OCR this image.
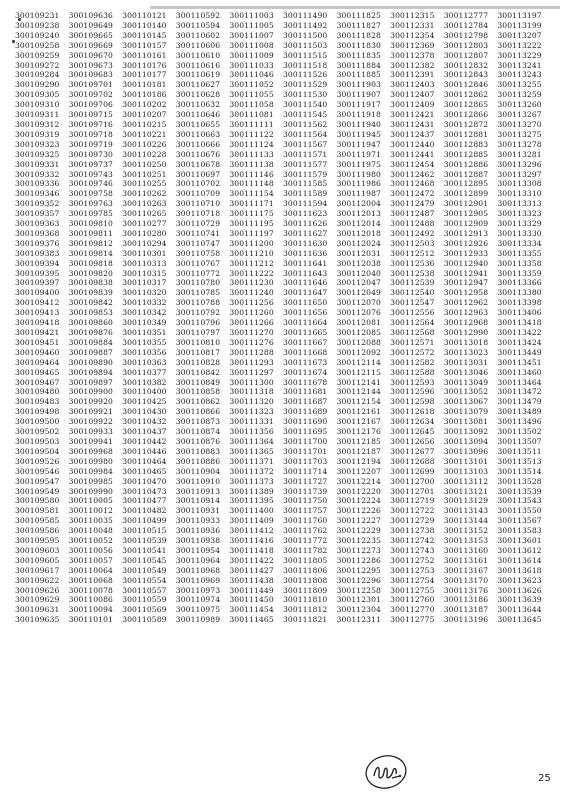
300109231	300109636	300110121	300110592	300111003	300111490	300111825	300112315	300112777	300113197
300109238	300109649	300110140	300110594	300111005	300111492	300111827	300112331	300112784	300113199
300109240	300109665	300110145	300110602	300111007	300111500	300111828	300112354	300112798	300113207
300109258	300109669	300110157	300110606	300111008	300111503	300111830	300112369	300112803	300113222
300109259	300109670	300110161	300110610	300111009	300111515	300111835	300112378	300112807	300113229
300109272	300109673	300110176	300110616	300111033	300111518	300111884	300112382	300112832	300113241
300109284	300109683	300110177	300110619	300111046	300111526	300111885	300112391	300112843	300113243
300109290	300109701	300110181	300110627	300111052	300111529	300111903	300112403	300112846	300113255
300109305	300109702	300110186	300110628	300111055	300111530	300111907	300112407	300112862	300113259
300109310	300109706	300110202	300110632	300111058	300111540	300111917	300112409	300112865	300113260
300109311	300109715	300110207	300110646	300111081	300111545	300111918	300112421	300112866	300113267
300109312	300109716	300110215	300110655	300111111	300111562	300111940	300112431	300112872	300113270
300109319	300109718	300110221	300110663	300111122	300111564	300111945	300112437	300112881	300113275
300109323	300109719	300110226	300110666	300111124	300111567	300111947	300112440	300112883	300113278
300109325	300109730	300110228	300110676	300111133	300111571	300111971	300112441	300112885	300113281
300109331	300109737	300110250	300110678	300111138	300111577	300111975	300112454	300112886	300113296
300109332	300109743	300110251	300110697	300111146	300111579	300111980	300112462	300112887	300113297
300109336	300109746	300110255	300110702	300111148	300111585	300111986	300112468	300112895	300113308
300109346	300109758	300110262	300110709	300111154	300111589	300111987	300112472	300112899	300113310
300109352	300109763	300110263	300110710	300111171	300111594	300112004	300112479	300112901	300113313
300109357	300109785	300110265	300110718	300111175	300111623	300112013	300112487	300112905	300113323
300109363	300109810	300110277	300110729	300111195	300111626	300112014	300112488	300112909	300113329
300109368	300109811	300110280	300110741	300111197	300111627	300112018	300112492	300112913	300113330
300109376	300109812	300110294	300110747	300111200	300111630	300112024	300112503	300112926	300113334
300109383	300109814	300110301	300110758	300111210	300111636	300112031	300112512	300112933	300113355
300109394	300109818	300110313	300110767	300111212	300111641	300112038	300112536	300112940	300113358
300109395	300109820	300110315	300110772	300111222	300111643	300112040	300112538	300112941	300113359
300109397	300109838	300110317	300110780	300111230	300111646	300112047	300112539	300112947	300113366
300109400	300109839	300110320	300110785	300111240	300111647	300112049	300112540	300112958	300113380
300109412	300109842	300110332	300110788	300111256	300111650	300112070	300112547	300112962	300113398
300109413	300109853	300110342	300110792	300111260	300111656	300112076	300112556	300112963	300113406
300109418	300109860	300110349	300110796	300111266	300111664	300112081	300112564	300112968	300113418
300109421	300109876	300110351	300110797	300111270	300111665	300112085	300112568	300112990	300113422
300109451	300109884	300110355	300110810	300111276	300111667	300112088	300112571	300113018	300113424
300109460	300109887	300110356	300110817	300111288	300111668	300112092	300112572	300113023	300113449
300109464	300109890	300110363	300110828	300111293	300111673	300112114	300112582	300113031	300113451
300109465	300109894	300110377	300110842	300111297	300111674	300112115	300112588	300113046	300113460
300109467	300109897	300110382	300110849	300111300	300111678	300112141	300112593	300113049	300113464
300109480	300109900	300110400	300110858	300111318	300111681	300112144	300112596	300113052	300113472
300109483	300109920	300110425	300110862	300111320	300111687	300112154	300112598	300113067	300113479
300109498	300109921	300110430	300110866	300111323	300111689	300112161	300112618	300113079	300113489
300109500	300109922	300110432	300110873	300111331	300111690	300112167	300112634	300113081	300113496
300109502	300109933	300110437	300110874	300111356	300111695	300112176	300112645	300113092	300113502
300109503	300109941	300110442	300110876	300111364	300111700	300112185	300112656	300113094	300113507
300109504	300109968	300110446	300110883	300111365	300111701	300112187	300112677	300113096	300113511
300109526	300109980	300110464	300110886	300111371	300111703	300112194	300112688	300113101	300113513
300109546	300109984	300110465	300110904	300111372	300111714	300112207	300112699	300113103	300113514
300109547	300109985	300110470	300110910	300111373	300111727	300112214	300112700	300113112	300113528
300109549	300109990	300110473	300110913	300111389	300111739	300112220	300112701	300113121	300113539
300109580	300110005	300110477	300110914	300111395	300111750	300112224	300112719	300113129	300113543
300109581	300110012	300110482	300110931	300111400	300111757	300112226	300112722	300113143	300113550
300109585	300110035	300110499	300110933	300111409	300111760	300112227	300112729	300113144	300113567
300109586	300110048	300110515	300110936	300111412	300111762	300112229	300112738	300113152	300113583
300109595	300110052	300110539	300110938	300111416	300111772	300112235	300112742	300113153	300113601
300109603	300110056	300110541	300110954	300111418	300111782	300112273	300112743	300113160	300113612
300109605	300110057	300110545	300110964	300111422	300111805	300112286	300112752	300113161	300113614
300109617	300110064	300110549	300110968	300111427	300111806	300112295	300112753	300113167	300113618
300109622	300110068	300110554	300110969	300111438	300111808	300112296	300112754	300113170	300113623
300109626	300110078	300110557	300110973	300111449	300111809	300112258	300112755	300113176	300113626
300109629	300110086	300110559	300110974	300111450	300111810	300112301	300112760	300113186	300113639
300109631	300110094	300110569	300110975	300111454	300111812	300112304	300112770	300113187	300113644
300109635	300110101	300110589	300110989	300111465	300111821	300112311	300112775	300113196	300113645
25
